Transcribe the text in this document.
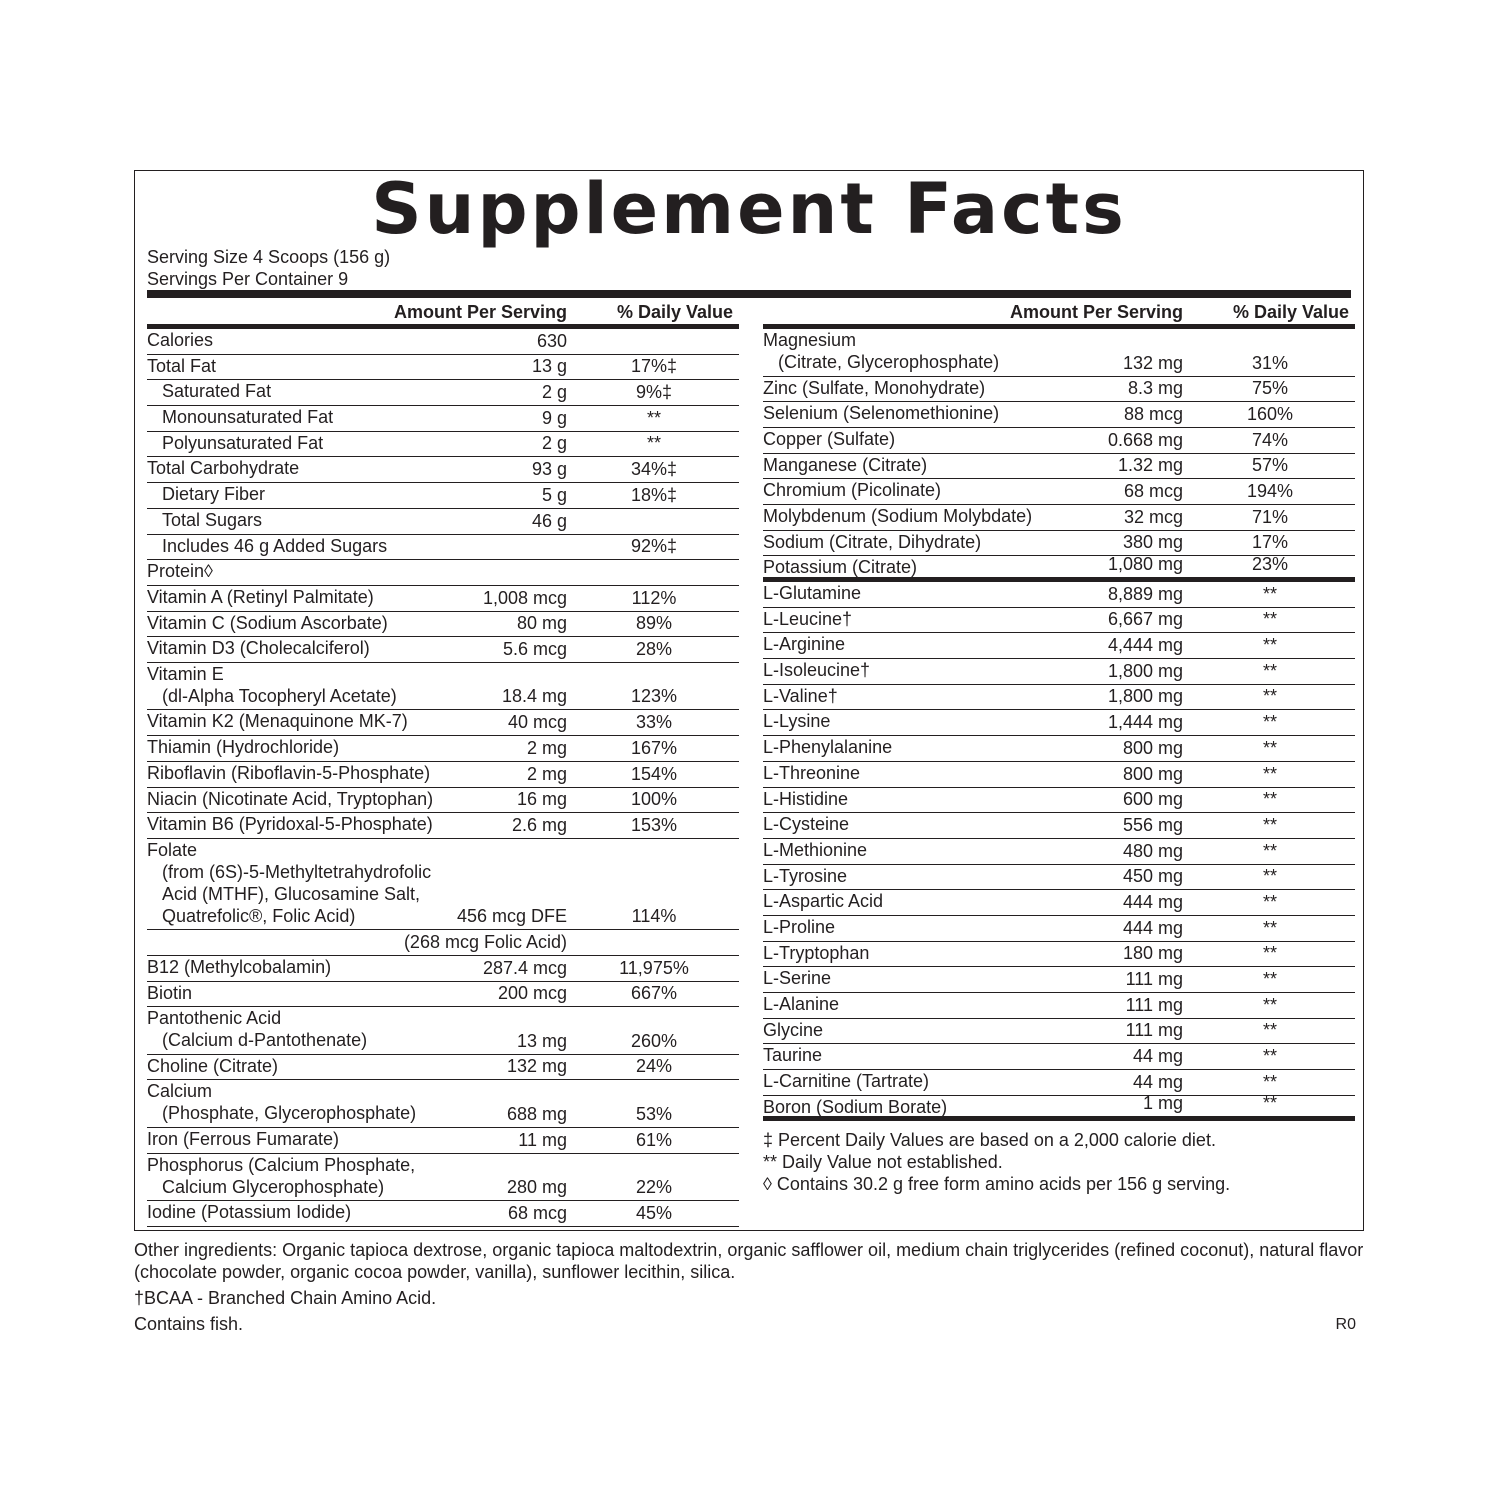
Supplement Facts
Serving Size 4 Scoops (156 g)
Servings Per Container 9
Amount Per Serving	% Daily Value
Calories	630
Total Fat	13 g	17%‡
Saturated Fat	2 g	9%‡
Monounsaturated Fat	9 g	**
Polyunsaturated Fat	2 g	**
Total Carbohydrate	93 g	34%‡
Dietary Fiber	5 g	18%‡
Total Sugars	46 g
Includes 46 g Added Sugars	92%‡
Protein◊
Vitamin A (Retinyl Palmitate)	1,008 mcg	112%
Vitamin C (Sodium Ascorbate)	80 mg	89%
Vitamin D3 (Cholecalciferol)	5.6 mcg	28%
Vitamin E
(dl-Alpha Tocopheryl Acetate)	18.4 mg	123%
Vitamin K2 (Menaquinone MK-7)	40 mcg	33%
Thiamin (Hydrochloride)	2 mg	167%
Riboflavin (Riboflavin-5-Phosphate)	2 mg	154%
Niacin (Nicotinate Acid, Tryptophan)	16 mg	100%
Vitamin B6 (Pyridoxal-5-Phosphate)	2.6 mg	153%
Folate
(from (6S)-5-Methyltetrahydrofolic
Acid (MTHF), Glucosamine Salt,
Quatrefolic®, Folic Acid)	456 mcg DFE	114%

(268 mcg Folic Acid)
B12 (Methylcobalamin)	287.4 mcg	11,975%
Biotin	200 mcg	667%
Pantothenic Acid
(Calcium d-Pantothenate)	13 mg	260%
Choline (Citrate)	132 mg	24%
Calcium
(Phosphate, Glycerophosphate)	688 mg	53%
Iron (Ferrous Fumarate)	11 mg	61%
Phosphorus (Calcium Phosphate,
Calcium Glycerophosphate)	280 mg	22%
Iodine (Potassium Iodide)	68 mcg	45%
Amount Per Serving	% Daily Value
Magnesium
(Citrate, Glycerophosphate)	132 mg	31%
Zinc (Sulfate, Monohydrate)	8.3 mg	75%
Selenium (Selenomethionine)	88 mcg	160%
Copper (Sulfate)	0.668 mg	74%
Manganese (Citrate)	1.32 mg	57%
Chromium (Picolinate)	68 mcg	194%
Molybdenum (Sodium Molybdate)	32 mcg	71%
Sodium (Citrate, Dihydrate)	380 mg	17%
Potassium (Citrate)	1,080 mg	23%
L-Glutamine	8,889 mg	**
L-Leucine†	6,667 mg	**
L-Arginine	4,444 mg	**
L-Isoleucine†	1,800 mg	**
L-Valine†	1,800 mg	**
L-Lysine	1,444 mg	**
L-Phenylalanine	800 mg	**
L-Threonine	800 mg	**
L-Histidine	600 mg	**
L-Cysteine	556 mg	**
L-Methionine	480 mg	**
L-Tyrosine	450 mg	**
L-Aspartic Acid	444 mg	**
L-Proline	444 mg	**
L-Tryptophan	180 mg	**
L-Serine	111 mg	**
L-Alanine	111 mg	**
Glycine	111 mg	**
Taurine	44 mg	**
L-Carnitine (Tartrate)	44 mg	**
Boron (Sodium Borate)	1 mg	**
‡ Percent Daily Values are based on a 2,000 calorie diet.
** Daily Value not established.
◊ Contains 30.2 g free form amino acids per 156 g serving.
Other ingredients: Organic tapioca dextrose, organic tapioca maltodextrin, organic safflower oil, medium chain triglycerides (refined coconut), natural flavor (chocolate powder, organic cocoa powder, vanilla), sunflower lecithin, silica.
†BCAA - Branched Chain Amino Acid.
Contains fish.	R0
